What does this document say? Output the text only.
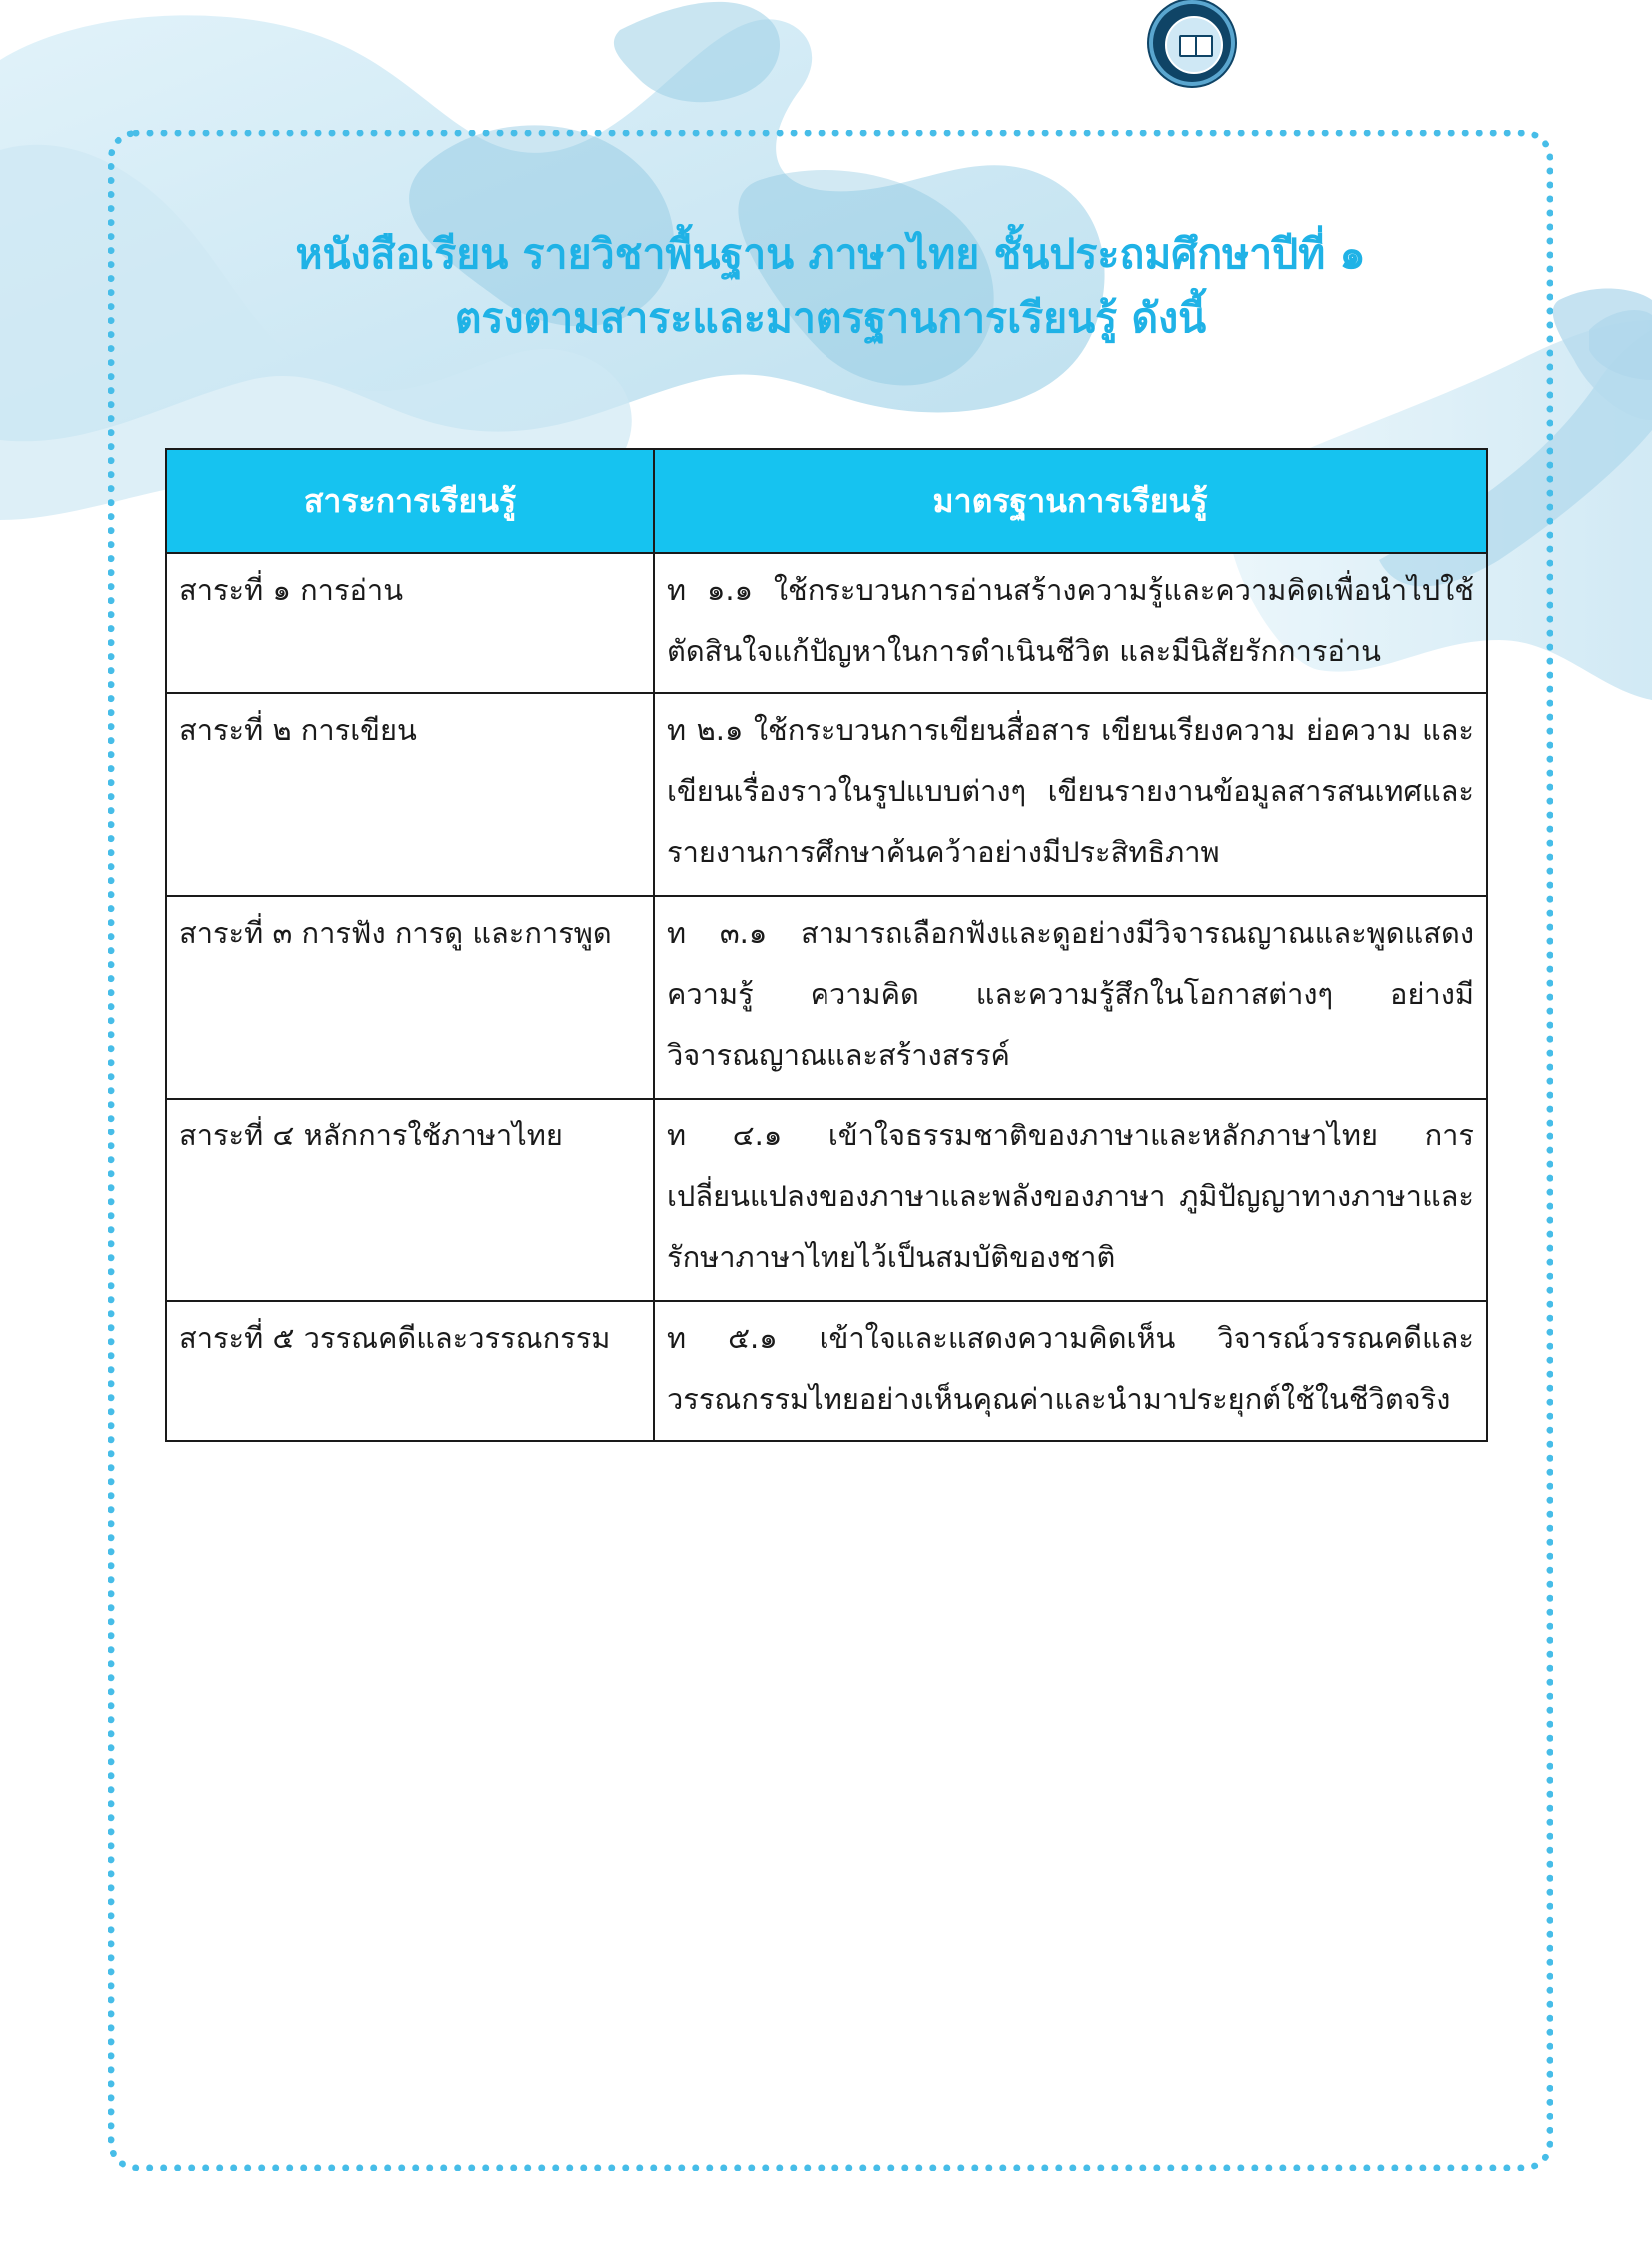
หนังสือเรียน รายวิชาพื้นฐาน ภาษาไทย ชั้นประถมศึกษาปีที่ ๑
ตรงตามสาระและมาตรฐานการเรียนรู้ ดังนี้
สาระการเรียนรู้	มาตรฐานการเรียนรู้
สาระที่ ๑ การอ่าน	ท ๑.๑ ใช้กระบวนการอ่านสร้างความรู้และความคิดเพื่อนำไปใช้ตัดสินใจแก้ปัญหาในการดำเนินชีวิต และมีนิสัยรักการอ่าน
สาระที่ ๒ การเขียน	ท ๒.๑ ใช้กระบวนการเขียนสื่อสาร เขียนเรียงความ ย่อความ และเขียนเรื่องราวในรูปแบบต่างๆ เขียนรายงานข้อมูลสารสนเทศและรายงานการศึกษาค้นคว้าอย่างมีประสิทธิภาพ
สาระที่ ๓ การฟัง การดู และการพูด	ท ๓.๑ สามารถเลือกฟังและดูอย่างมีวิจารณญาณและพูดแสดงความรู้ ความคิด และความรู้สึกในโอกาสต่างๆ อย่างมีวิจารณญาณและสร้างสรรค์
สาระที่ ๔ หลักการใช้ภาษาไทย	ท ๔.๑ เข้าใจธรรมชาติของภาษาและหลักภาษาไทย การเปลี่ยนแปลงของภาษาและพลังของภาษา ภูมิปัญญาทางภาษาและรักษาภาษาไทยไว้เป็นสมบัติของชาติ
สาระที่ ๕ วรรณคดีและวรรณกรรม	ท ๕.๑ เข้าใจและแสดงความคิดเห็น วิจารณ์วรรณคดีและวรรณกรรมไทยอย่างเห็นคุณค่าและนำมาประยุกต์ใช้ในชีวิตจริง
